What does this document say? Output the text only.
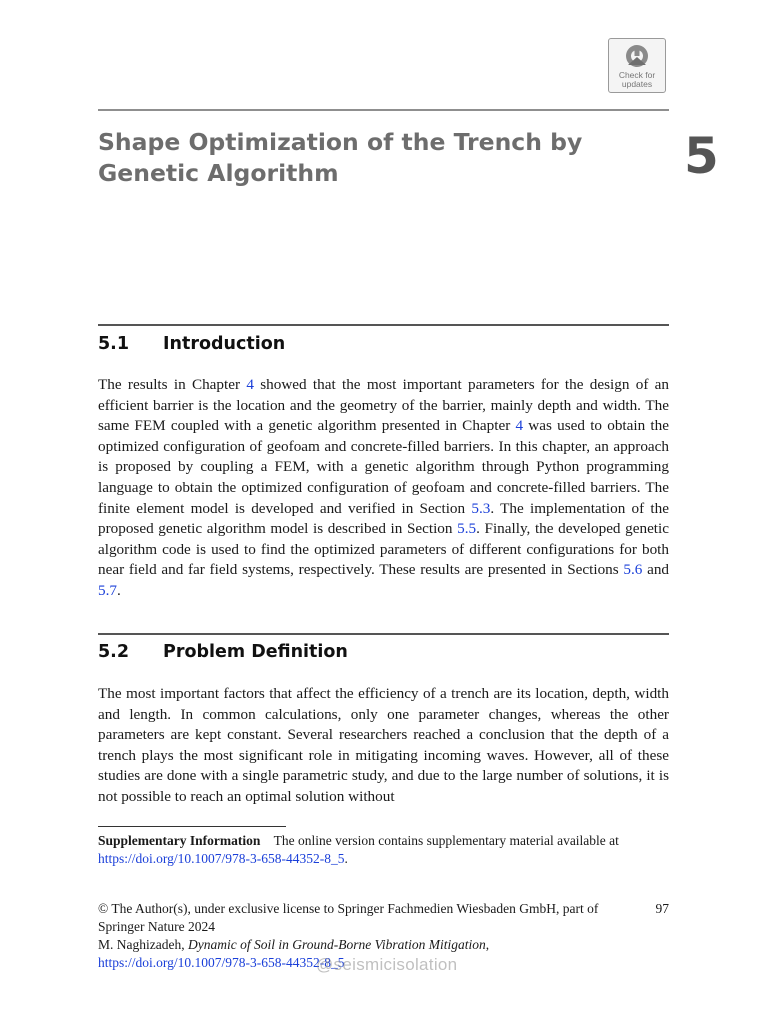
Check for
updates
Shape Optimization of the Trench by Genetic Algorithm	5
5.1 Introduction

The results in Chapter 4 showed that the most important parameters for the design of an efficient barrier is the location and the geometry of the barrier, mainly depth and width. The same FEM coupled with a genetic algorithm presented in Chapter 4 was used to obtain the optimized configuration of geofoam and concrete-filled barriers. In this chapter, an approach is proposed by coupling a FEM, with a genetic algorithm through Python programming language to obtain the optimized configuration of geofoam and concrete-filled barriers. The finite element model is developed and verified in Section 5.3. The implementation of the proposed genetic algorithm model is described in Section 5.5. Finally, the developed genetic algorithm code is used to find the optimized parameters of different configurations for both near field and far field systems, respectively. These results are presented in Sections 5.6 and 5.7.

5.2 Problem Definition

The most important factors that affect the efficiency of a trench are its location, depth, width and length. In common calculations, only one parameter changes, whereas the other parameters are kept constant. Several researchers reached a conclusion that the depth of a trench plays the most significant role in mitigating incoming waves. However, all of these studies are done with a single parametric study, and due to the large number of solutions, it is not possible to reach an optimal solution without

Supplementary Information The online version contains supplementary material available at https://doi.org/10.1007/978-3-658-44352-8_5.

© The Author(s), under exclusive license to Springer Fachmedien Wiesbaden GmbH, part of Springer Nature 2024
M. Naghizadeh, Dynamic of Soil in Ground-Borne Vibration Mitigation,
https://doi.org/10.1007/978-3-658-44352-8_5
97
@seismicisolation
